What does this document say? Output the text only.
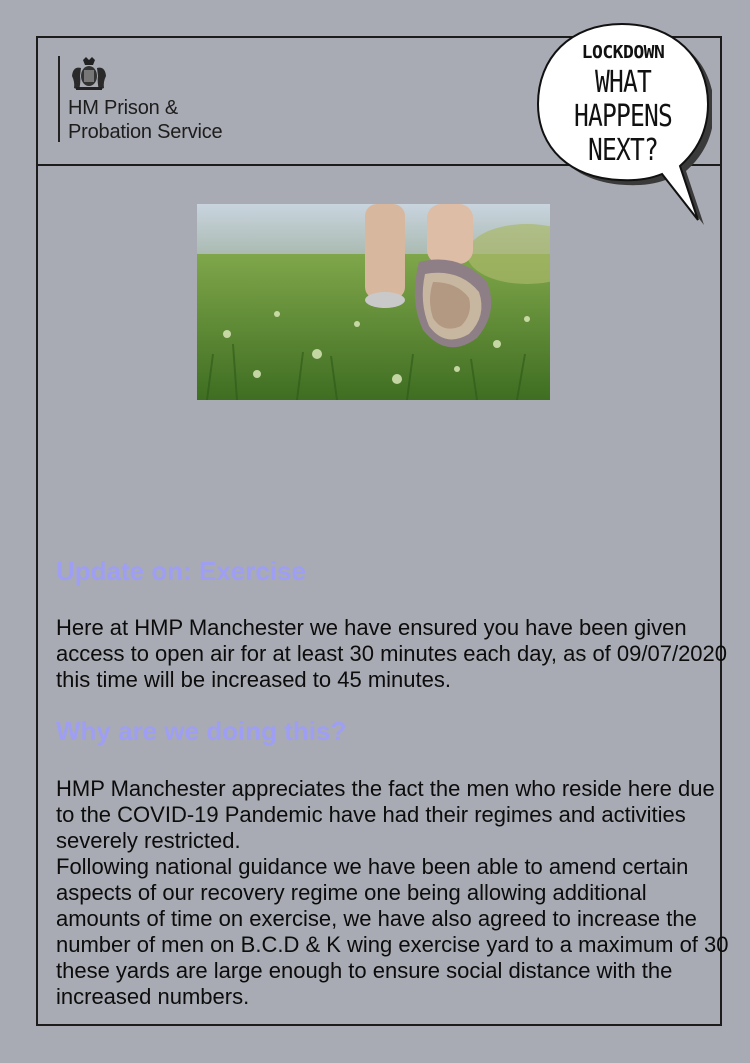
HM Prison &
Probation Service
LOCKDOWN
WHAT
HAPPENS
NEXT?
Update on: Exercise

Here at HMP Manchester we have ensured you have been given access to open air for at least 30 minutes each day, as of 09/07/2020 this time will be increased to 45 minutes.

Why are we doing this?
HMP Manchester appreciates the fact the men who reside here due to the COVID-19 Pandemic have had their regimes and activities severely restricted.
Following national guidance we have been able to amend certain aspects of our recovery regime one being allowing additional amounts of time on exercise, we have also agreed to increase the number of men on B.C.D & K wing exercise yard to a maximum of 30 these yards are large enough to ensure social distance with the increased numbers.
